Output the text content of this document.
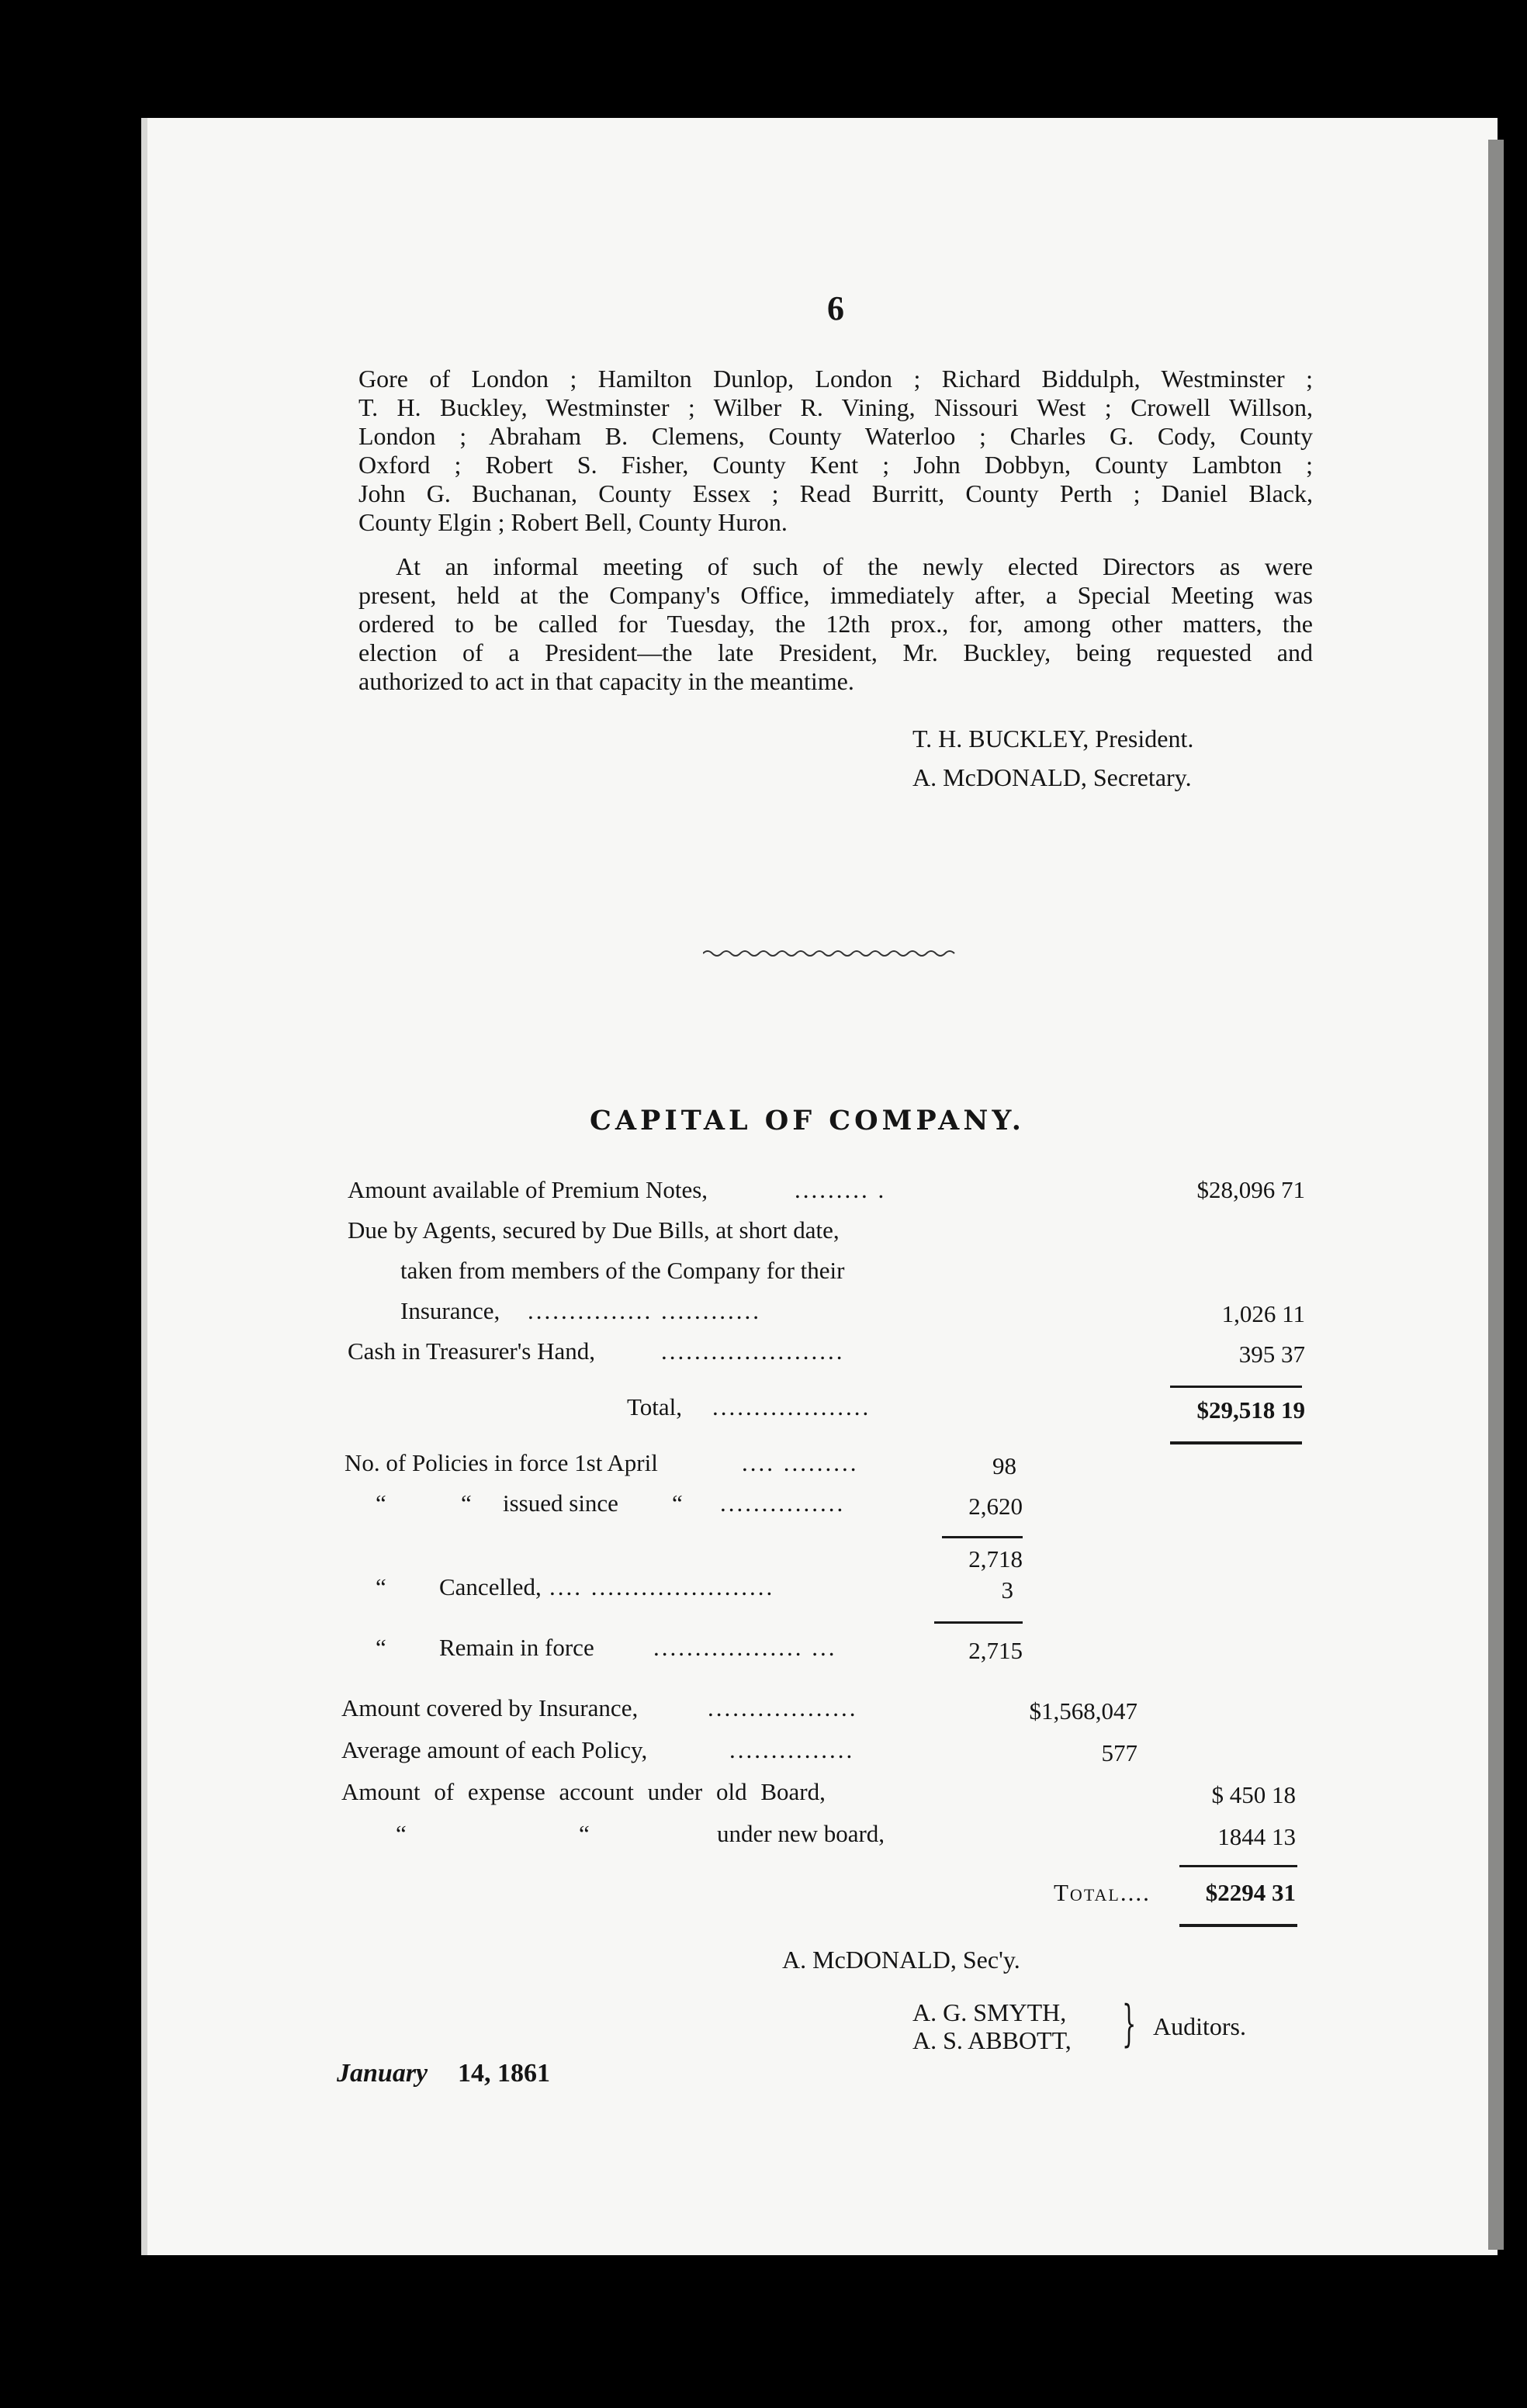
6
Gore of London ; Hamilton Dunlop, London ; Richard Biddulph, Westminster ;
T. H. Buckley, Westminster ; Wilber R. Vining, Nissouri West ; Crowell Willson,
London ; Abraham B. Clemens, County Waterloo ; Charles G. Cody, County
Oxford ; Robert S. Fisher, County Kent ; John Dobbyn, County Lambton ;
John G. Buchanan, County Essex ; Read Burritt, County Perth ; Daniel Black,
County Elgin ; Robert Bell, County Huron.
At an informal meeting of such of the newly elected Directors as were
present, held at the Company's Office, immediately after, a Special Meeting was
ordered to be called for Tuesday, the 12th prox., for, among other matters, the
election of a President—the late President, Mr. Buckley, being requested and
authorized to act in that capacity in the meantime.
T. H. BUCKLEY, President.
A. McDONALD, Secretary.
CAPITAL OF COMPANY.
Amount available of Premium Notes,	......... .	$28,096 71
Due by Agents, secured by Due Bills, at short date,
taken from members of the Company for their
Insurance, ............... ............	1,026 11
Cash in Treasurer's Hand,	......................	395 37
Total, ...................	$29,518 19
No. of Policies in force 1st April	.... .........	98
“	“ issued since “ ...............	2,620
2,718
“ Cancelled, .... ......................	3
“ Remain in force .................. ...	2,715
Amount covered by Insurance,	..................	$1,568,047
Average amount of each Policy,	...............	577
Amount of expense account under old Board,	$ 450 18
“	“	under new board,	1844 13
Total....	$2294 31
A. McDONALD, Sec'y.
A. G. SMYTH,
A. S. ABBOTT, } Auditors.
January 14, 1861
